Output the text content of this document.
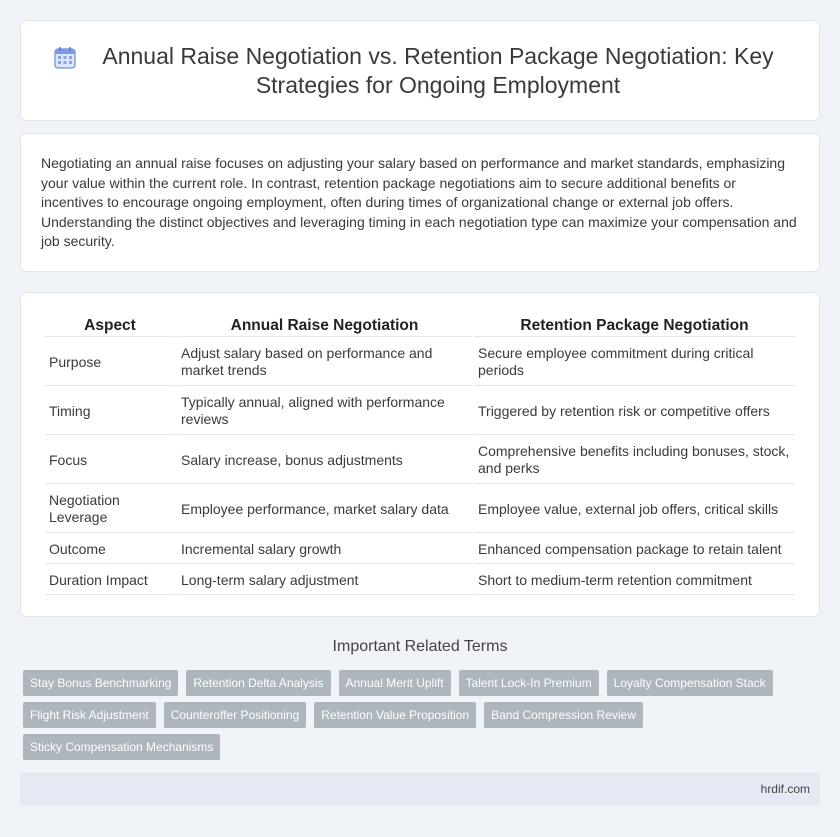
Annual Raise Negotiation vs. Retention Package Negotiation: Key Strategies for Ongoing Employment

Negotiating an annual raise focuses on adjusting your salary based on performance and market standards, emphasizing your value within the current role. In contrast, retention package negotiations aim to secure additional benefits or incentives to encourage ongoing employment, often during times of organizational change or external job offers. Understanding the distinct objectives and leveraging timing in each negotiation type can maximize your compensation and job security.

Aspect	Annual Raise Negotiation	Retention Package Negotiation
Purpose	Adjust salary based on performance and market trends	Secure employee commitment during critical periods
Timing	Typically annual, aligned with performance reviews	Triggered by retention risk or competitive offers
Focus	Salary increase, bonus adjustments	Comprehensive benefits including bonuses, stock, and perks
Negotiation Leverage	Employee performance, market salary data	Employee value, external job offers, critical skills
Outcome	Incremental salary growth	Enhanced compensation package to retain talent
Duration Impact	Long-term salary adjustment	Short to medium-term retention commitment
Important Related Terms
Stay Bonus Benchmarking	Retention Delta Analysis	Annual Merit Uplift	Talent Lock-In Premium	Loyalty Compensation Stack
Flight Risk Adjustment	Counteroffer Positioning	Retention Value Proposition	Band Compression Review
Sticky Compensation Mechanisms
hrdif.com
